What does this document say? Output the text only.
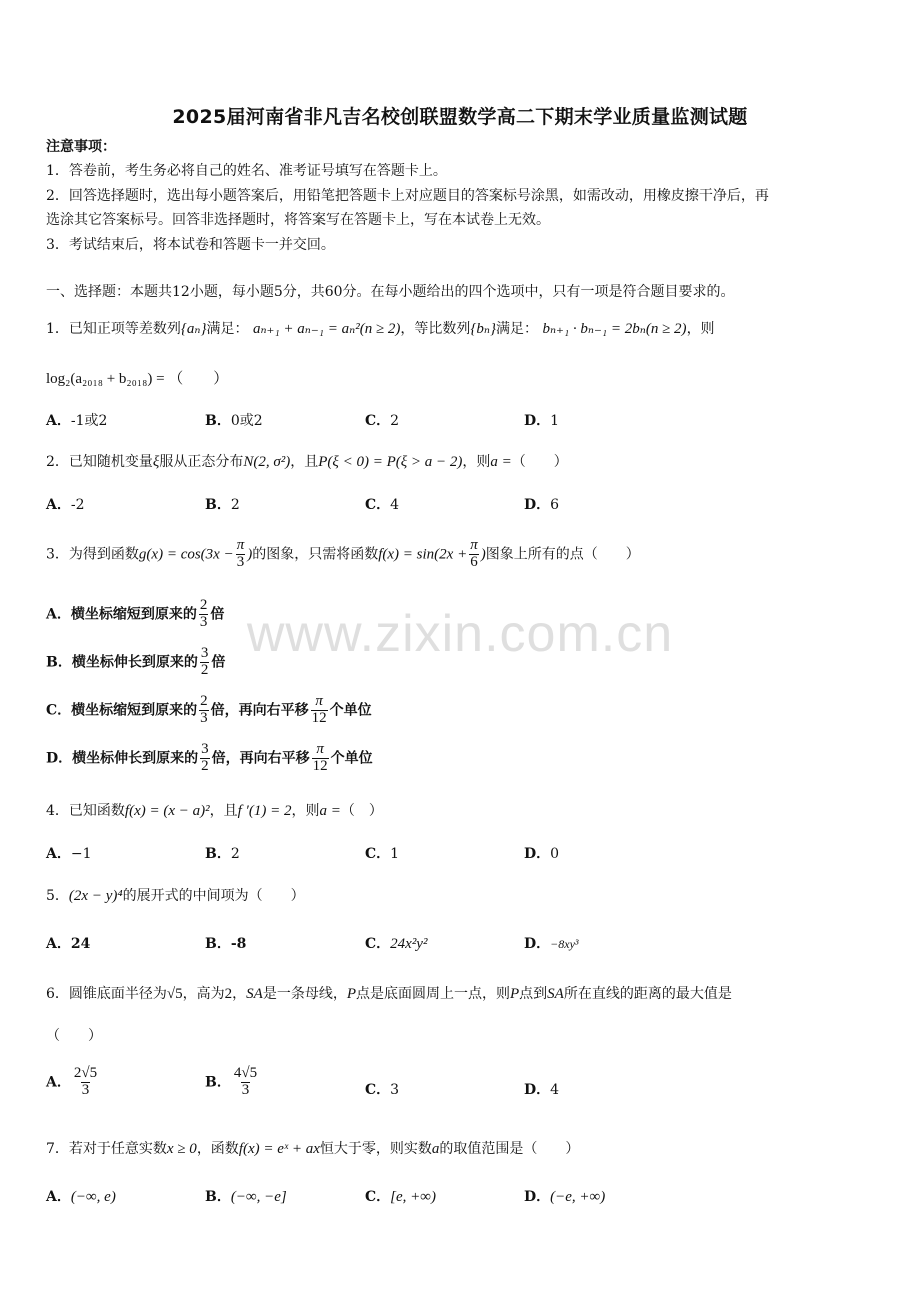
2025届河南省非凡吉名校创联盟数学高二下期末学业质量监测试题
注意事项：
1．答卷前，考生务必将自己的姓名、准考证号填写在答题卡上。
2．回答选择题时，选出每小题答案后，用铅笔把答题卡上对应题目的答案标号涂黑，如需改动，用橡皮擦干净后，再
选涂其它答案标号。回答非选择题时，将答案写在答题卡上，写在本试卷上无效。
3．考试结束后，将本试卷和答题卡一并交回。
一、选择题：本题共12小题，每小题5分，共60分。在每小题给出的四个选项中，只有一项是符合题目要求的。
www.zixin.com.cn
1．已知正项等差数列{aₙ}满足： aₙ₊₁ + aₙ₋₁ = aₙ²(n ≥ 2)，等比数列{bₙ}满足： bₙ₊₁ · bₙ₋₁ = 2bₙ(n ≥ 2)，则
log₂(a₂₀₁₈ + b₂₀₁₈) = （　　）
A．-1或2	B．0或2	C．2	D．1
2．已知随机变量ξ服从正态分布N(2, σ²)，且P(ξ < 0) = P(ξ > a − 2)，则a =（　　）
A．-2	B．2	C．4	D．6
3．为得到函数$g(x) = \cos(3x - \frac{\pi}{3}$ )的图象，只需将函数$f(x) = \sin(2x + \frac{\pi}{6}$ )图象上所有的点（　　）
A．横坐标缩短到原来的 $\frac{2}{3}$ 倍
B．横坐标伸长到原来的 $\frac{3}{2}$ 倍
C．横坐标缩短到原来的 $\frac{2}{3}$ 倍，再向右平移 $\frac{\pi}{12}$ 个单位
D．横坐标伸长到原来的 $\frac{3}{2}$ 倍，再向右平移 $\frac{\pi}{12}$ 个单位
4．已知函数f(x) = (x − a)²，且f ′(1) = 2，则a =（　）
A．−1	B．2	C．1	D．0
5．(2x − y)⁴的展开式的中间项为（　　）
A．24	B．-8	C．24x²y²	D．−8xy³
6．圆锥底面半径为√5，高为2，SA是一条母线，P点是底面圆周上一点，则P点到SA所在直线的距离的最大值是
（　　）
A． $\frac{2√5}{3}$	B． $\frac{4√5}{3}$	C．3	D．4
7．若对于任意实数x ≥ 0，函数f(x) = eˣ + ax恒大于零，则实数a的取值范围是（　　）
A．(−∞, e)	B．(−∞, −e]	C．[e, +∞)	D．(−e, +∞)
